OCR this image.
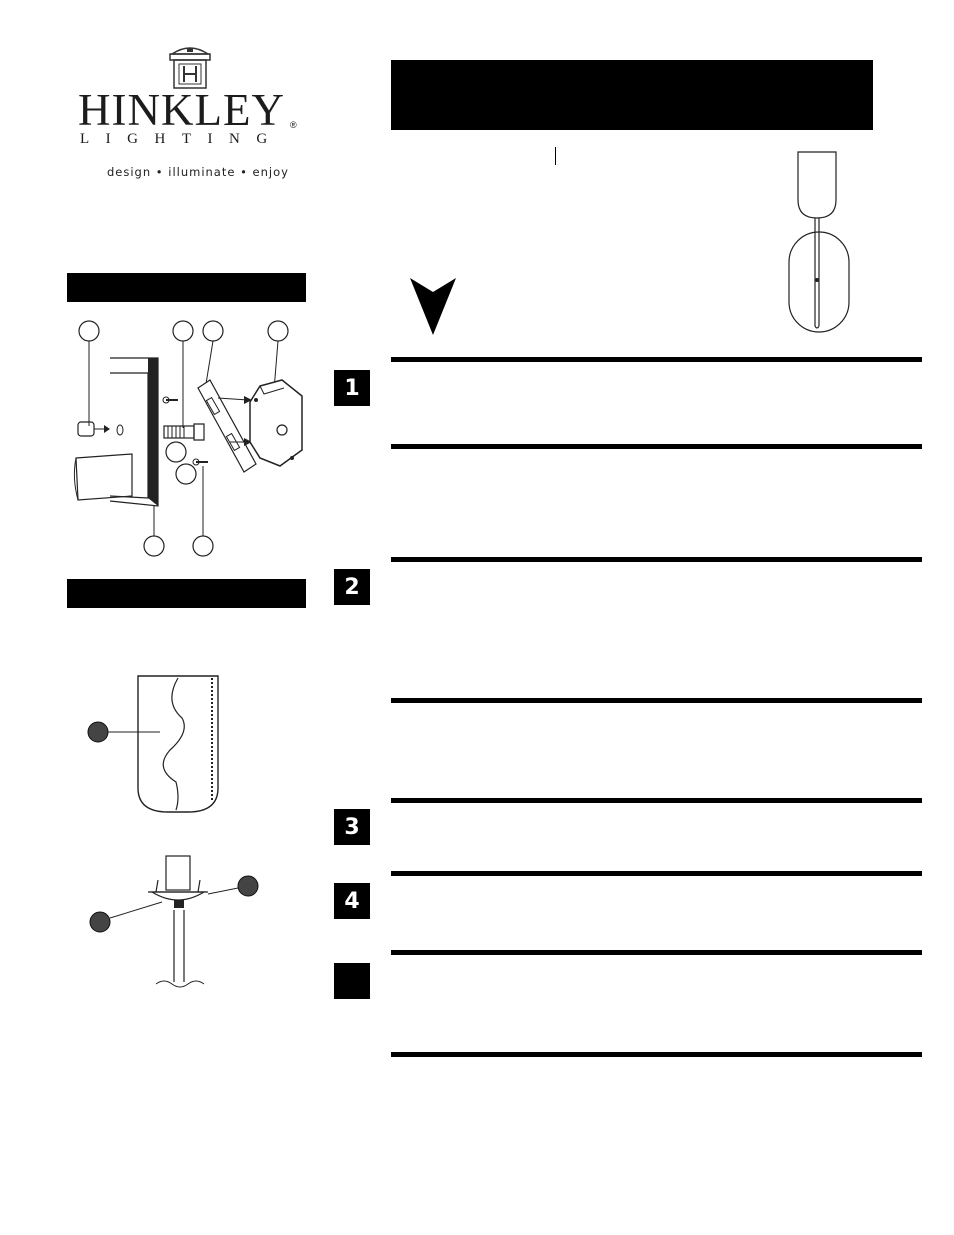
HINKLEY ®
LIGHTING
design • illuminate • enjoy
1
2
3
4
